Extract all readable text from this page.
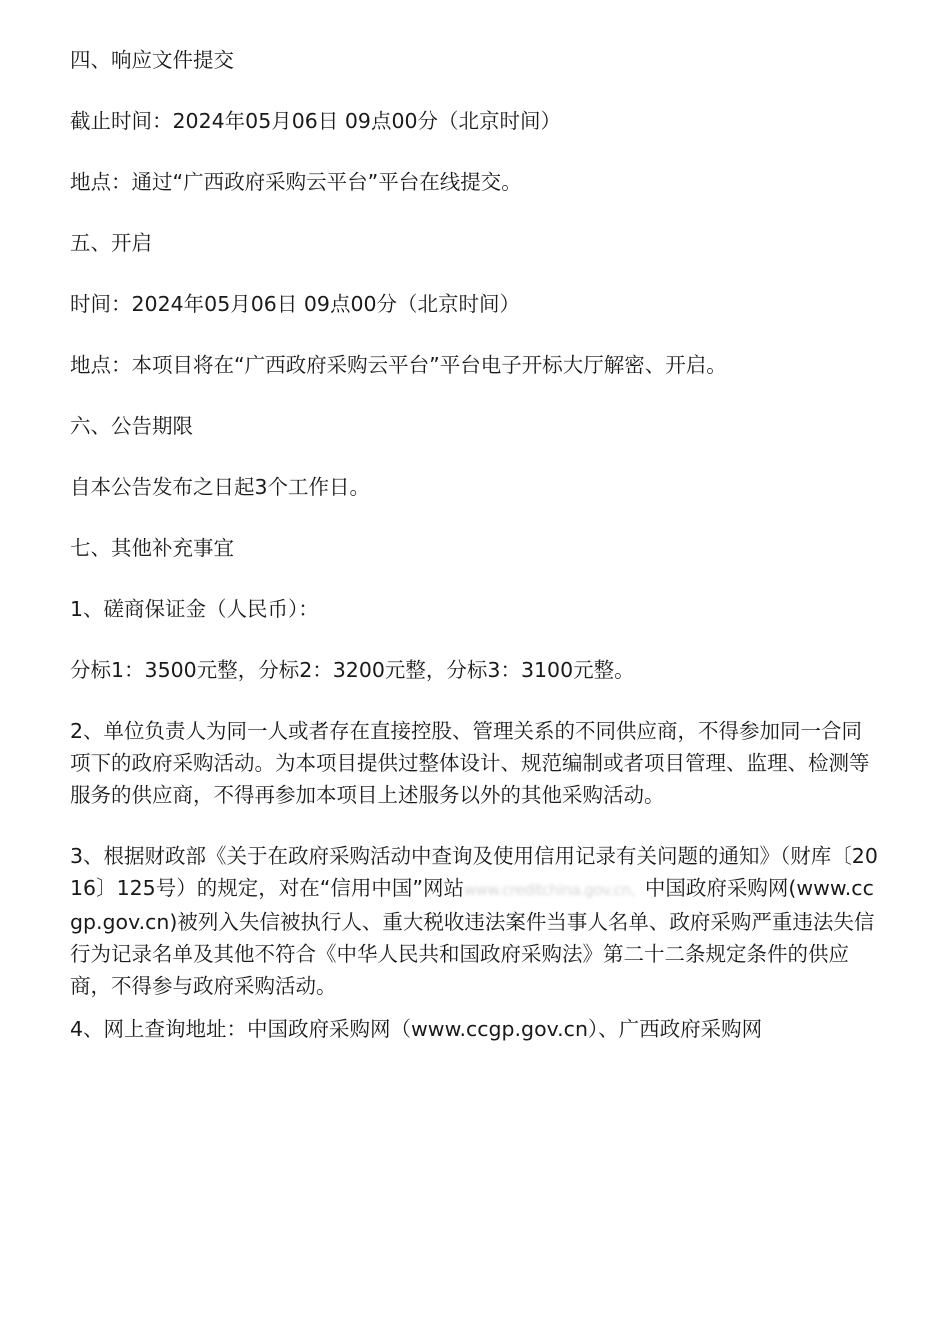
四、响应文件提交

截止时间：2024年05月06日 09点00分（北京时间）

地点：通过“广西政府采购云平台”平台在线提交。

五、开启

时间：2024年05月06日 09点00分（北京时间）

地点：本项目将在“广西政府采购云平台”平台电子开标大厅解密、开启。

六、公告期限

自本公告发布之日起3个工作日。

七、其他补充事宜

1、磋商保证金（人民币）：

分标1：3500元整，分标2：3200元整，分标3：3100元整。

2、单位负责人为同一人或者存在直接控股、管理关系的不同供应商，不得参加同一合同项下的政府采购活动。为本项目提供过整体设计、规范编制或者项目管理、监理、检测等服务的供应商，不得再参加本项目上述服务以外的其他采购活动。

3、根据财政部《关于在政府采购活动中查询及使用信用记录有关问题的通知》（财库〔2016〕125号）的规定，对在“信用中国”网站www.creditchina.gov.cn、中国政府采购网(www.ccgp.gov.cn)被列入失信被执行人、重大税收违法案件当事人名单、政府采购严重违法失信行为记录名单及其他不符合《中华人民共和国政府采购法》第二十二条规定条件的供应商，不得参与政府采购活动。

4、网上查询地址：中国政府采购网（www.ccgp.gov.cn）、广西政府采购网
